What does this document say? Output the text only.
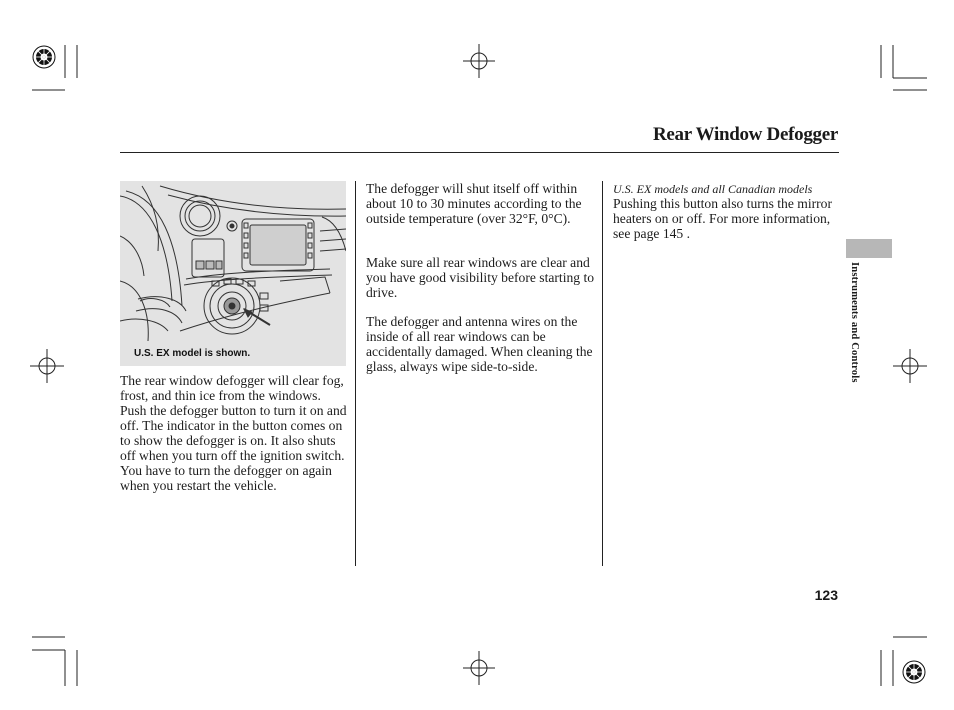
Rear Window Defogger
U.S. EX model is shown.
The rear window defogger will clear fog, frost, and thin ice from the windows. Push the defogger button to turn it on and off. The indicator in the button comes on to show the defogger is on. It also shuts off when you turn off the ignition switch. You have to turn the defogger on again when you restart the vehicle.
The defogger will shut itself off within about 10 to 30 minutes according to the outside temperature (over 32°F, 0°C).
Make sure all rear windows are clear and you have good visibility before starting to drive.
The defogger and antenna wires on the inside of all rear windows can be accidentally damaged. When cleaning the glass, always wipe side-to-side.
U.S. EX models and all Canadian models
Pushing this button also turns the mirror heaters on or off. For more information, see page 145 .
Instruments and Controls
123
